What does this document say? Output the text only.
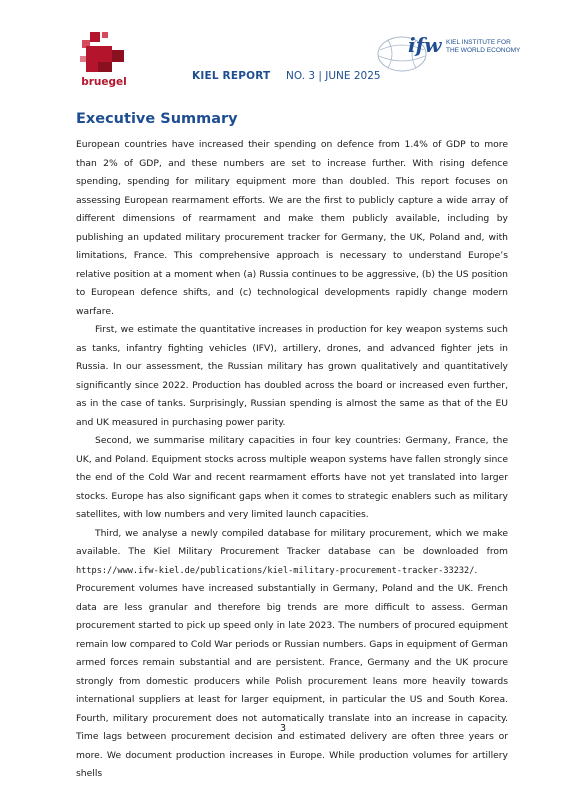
bruegel	KIEL REPORT NO. 3 | JUNE 2025
ifw KIEL INSTITUTE FOR
THE WORLD ECONOMY
Executive Summary

European countries have increased their spending on defence from 1.4% of GDP to more than 2% of GDP, and these numbers are set to increase further. With rising defence spending, spending for military equipment more than doubled. This report focuses on assessing European rearmament efforts. We are the first to publicly capture a wide array of different dimensions of rearmament and make them publicly available, including by publishing an updated military procurement tracker for Germany, the UK, Poland and, with limitations, France. This comprehensive approach is necessary to understand Europe’s relative position at a moment when (a) Russia continues to be aggressive, (b) the US position to European defence shifts, and (c) technological developments rapidly change modern warfare.

First, we estimate the quantitative increases in production for key weapon systems such as tanks, infantry fighting vehicles (IFV), artillery, drones, and advanced fighter jets in Russia. In our assessment, the Russian military has grown qualitatively and quantitatively significantly since 2022. Production has doubled across the board or increased even further, as in the case of tanks. Surprisingly, Russian spending is almost the same as that of the EU and UK measured in purchasing power parity.

Second, we summarise military capacities in four key countries: Germany, France, the UK, and Poland. Equipment stocks across multiple weapon systems have fallen strongly since the end of the Cold War and recent rearmament efforts have not yet translated into larger stocks. Europe has also significant gaps when it comes to strategic enablers such as military satellites, with low numbers and very limited launch capacities.

Third, we analyse a newly compiled database for military procurement, which we make available. The Kiel Military Procurement Tracker database can be downloaded from https://www.ifw-kiel.de/publications/kiel-military-procurement-tracker-33232/. Procurement volumes have increased substantially in Germany, Poland and the UK. French data are less granular and therefore big trends are more difficult to assess. German procurement started to pick up speed only in late 2023. The numbers of procured equipment remain low compared to Cold War periods or Russian numbers. Gaps in equipment of German armed forces remain substantial and are persistent. France, Germany and the UK procure strongly from domestic producers while Polish procurement leans more heavily towards international suppliers at least for larger equipment, in particular the US and South Korea. Fourth, military procurement does not automatically translate into an increase in capacity. Time lags between procurement decision and estimated delivery are often three years or more. We document production increases in Europe. While production volumes for artillery shells

3
